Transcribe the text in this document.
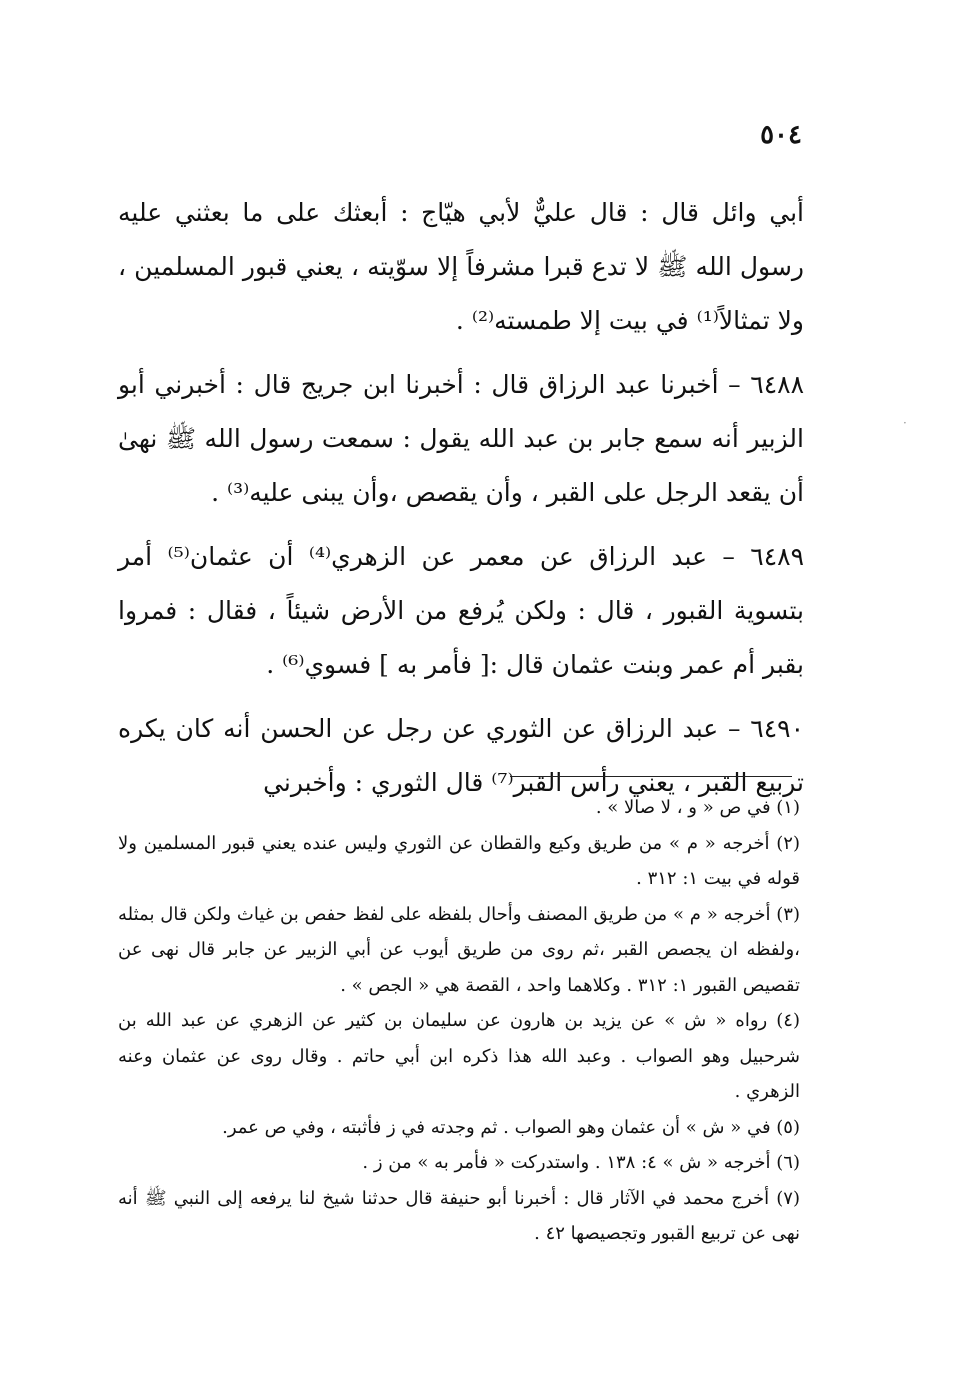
٥٠٤

أبي وائل قال : قال عليٌّ لأبي هيّاج : أبعثك على ما بعثني عليه رسول الله ﷺ لا تدع قبرا مشرفاً إلا سوّيته ، يعني قبور المسلمين ، ولا تمثالاً⁽¹⁾ في بيت إلا طمسته⁽²⁾ .

٦٤٨٨ – أخبرنا عبد الرزاق قال : أخبرنا ابن جريج قال : أخبرني أبو الزبير أنه سمع جابر بن عبد الله يقول : سمعت رسول الله ﷺ نهىٰ أن يقعد الرجل على القبر ، وأن يقصص ،وأن يبنى عليه⁽³⁾ .

٦٤٨٩ – عبد الرزاق عن معمر عن الزهري⁽⁴⁾ أن عثمان⁽⁵⁾ أمر بتسوية القبور ، قال : ولكن يُرفع من الأرض شيئاً ، فقال : فمروا بقبر أم عمر وبنت عثمان قال :[ فأمر به ] فسوي⁽⁶⁾ .

٦٤٩٠ – عبد الرزاق عن الثوري عن رجل عن الحسن أنه كان يكره تربيع القبر ، يعني رأس القبر⁽⁷⁾ قال الثوري : وأخبرني

(١) في ص « و ، لا صالا » .

(٢) أخرجه « م » من طريق وكيع والقطان عن الثوري وليس عنده يعني قبور المسلمين ولا قوله في بيت ١: ٣١٢ .

(٣) أخرجه « م » من طريق المصنف وأحال بلفظه على لفظ حفص بن غياث ولكن قال بمثله ،ولفظه ان يجصص القبر ،ثم روى من طريق أيوب عن أبي الزبير عن جابر قال نهى عن تقصيص القبور ١: ٣١٢ . وكلاهما واحد ، القصة هي « الجص » .

(٤) رواه « ش » عن يزيد بن هارون عن سليمان بن كثير عن الزهري عن عبد الله بن شرحبيل وهو الصواب . وعبد الله هذا ذكره ابن أبي حاتم . وقال روى عن عثمان وعنه الزهري .

(٥) في « ش » أن عثمان وهو الصواب . ثم وجدته في ز فأثبته ، وفي ص عمر.

(٦) أخرجه « ش » ٤: ١٣٨ . واستدركت « فأمر به » من ز .

(٧) أخرج محمد في الآثار قال : أخبرنا أبو حنيفة قال حدثنا شيخ لنا يرفعه إلى النبي ﷺ أنه نهى عن تربيع القبور وتجصيصها ٤٢ .

·
